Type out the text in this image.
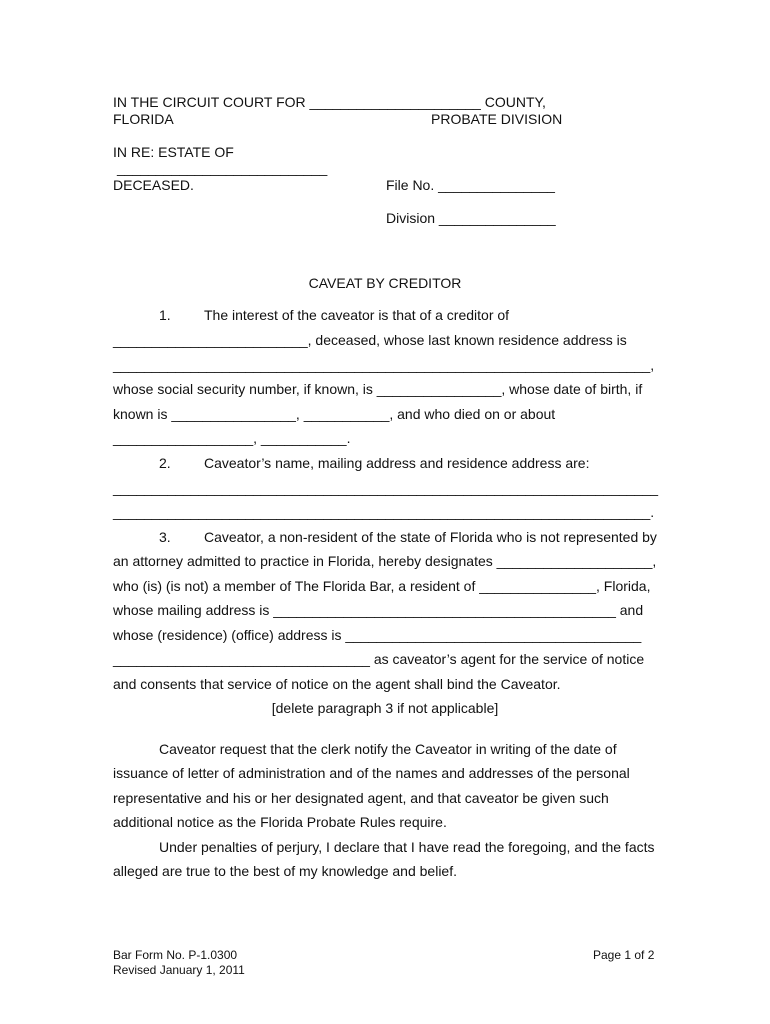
IN THE CIRCUIT COURT FOR ______________________ COUNTY,
FLORIDA	PROBATE DIVISION
IN RE: ESTATE OF
___________________________
DECEASED.	File No. _______________
Division _______________
CAVEAT BY CREDITOR
1. The interest of the caveator is that of a creditor of
_________________________, deceased, whose last known residence address is
_____________________________________________________________________,
whose social security number, if known, is ________________, whose date of birth, if
known is ________________, ___________, and who died on or about
__________________, ___________.
2. Caveator’s name, mailing address and residence address are:
______________________________________________________________________
_____________________________________________________________________.
3. Caveator, a non-resident of the state of Florida who is not represented by
an attorney admitted to practice in Florida, hereby designates ____________________,
who (is) (is not) a member of The Florida Bar, a resident of _______________, Florida,
whose mailing address is ____________________________________________ and
whose (residence) (office) address is ______________________________________
_________________________________ as caveator’s agent for the service of notice
and consents that service of notice on the agent shall bind the Caveator.
[delete paragraph 3 if not applicable]
Caveator request that the clerk notify the Caveator in writing of the date of
issuance of letter of administration and of the names and addresses of the personal
representative and his or her designated agent, and that caveator be given such
additional notice as the Florida Probate Rules require.
Under penalties of perjury, I declare that I have read the foregoing, and the facts
alleged are true to the best of my knowledge and belief.
Bar Form No. P-1.0300
Revised January 1, 2011
Page 1 of 2
